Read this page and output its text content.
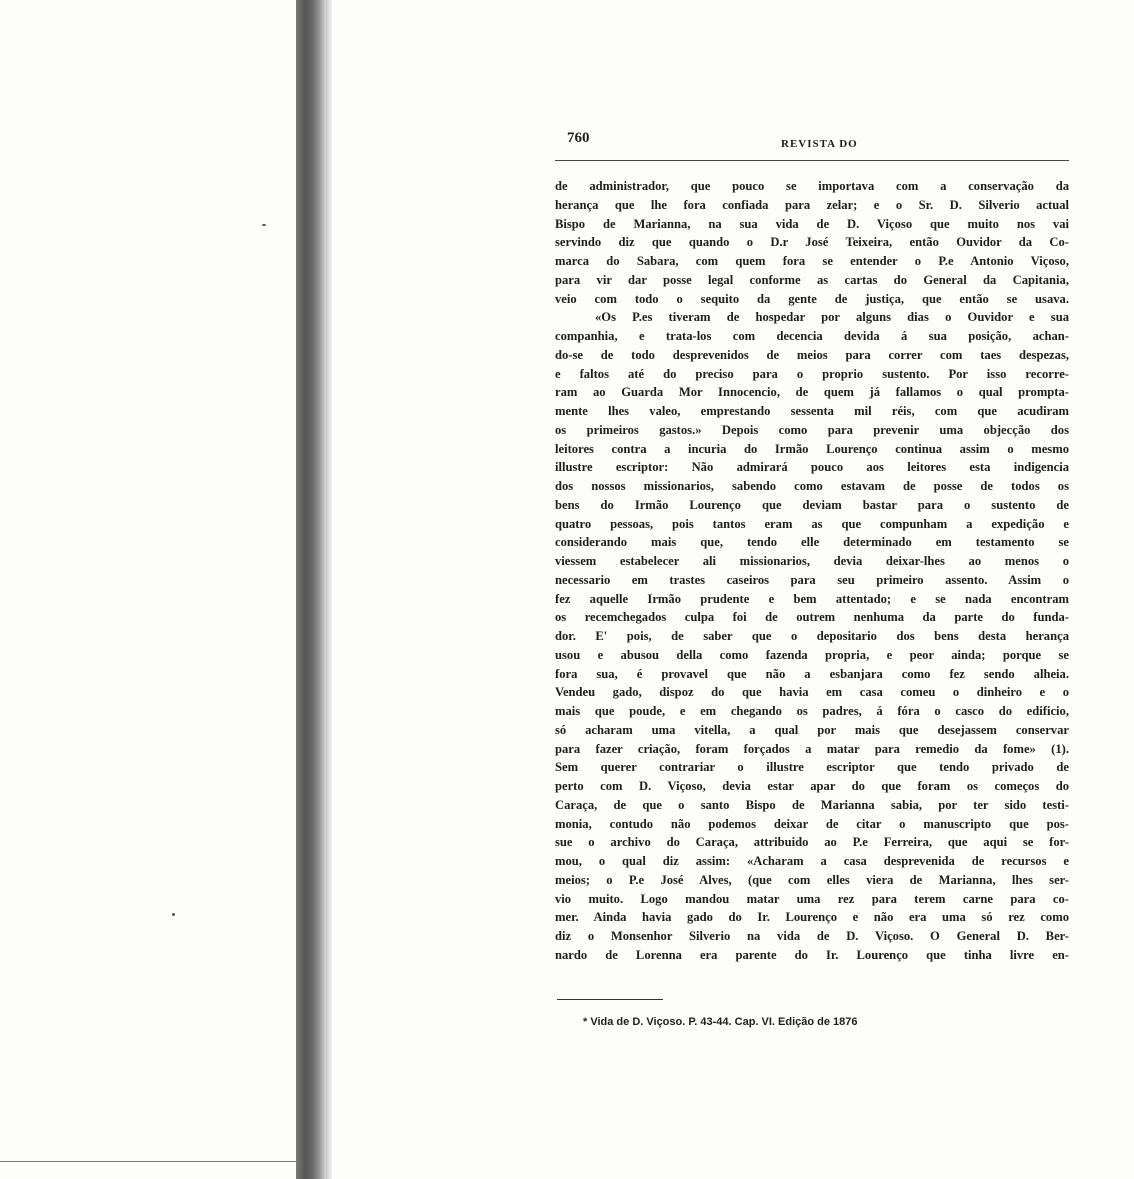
760	REVISTA DO
de administrador, que pouco se importava com a conservação da
herança que lhe fora confiada para zelar; e o Sr. D. Silverio actual
Bispo de Marianna, na sua vida de D. Viçoso que muito nos vai
servindo diz que quando o D.r José Teixeira, então Ouvidor da Co-
marca do Sabara, com quem fora se entender o P.e Antonio Viçoso,
para vir dar posse legal conforme as cartas do General da Capitania,
veio com todo o sequito da gente de justiça, que então se usava.
«Os P.es tiveram de hospedar por alguns dias o Ouvidor e sua
companhia, e trata-los com decencia devida á sua posição, achan-
do-se de todo desprevenidos de meios para correr com taes despezas,
e faltos até do preciso para o proprio sustento. Por isso recorre-
ram ao Guarda Mor Innocencio, de quem já fallamos o qual prompta-
mente lhes valeo, emprestando sessenta mil réis, com que acudiram
os primeiros gastos.» Depois como para prevenir uma objecção dos
leitores contra a incuria do Irmão Lourenço continua assim o mesmo
illustre escriptor: Não admirará pouco aos leitores esta indigencia
dos nossos missionarios, sabendo como estavam de posse de todos os
bens do Irmão Lourenço que deviam bastar para o sustento de
quatro pessoas, pois tantos eram as que compunham a expedição e
considerando mais que, tendo elle determinado em testamento se
viessem estabelecer ali missionarios, devia deixar-lhes ao menos o
necessario em trastes caseiros para seu primeiro assento. Assim o
fez aquelle Irmão prudente e bem attentado; e se nada encontram
os recemchegados culpa foi de outrem nenhuma da parte do funda-
dor. E' pois, de saber que o depositario dos bens desta herança
usou e abusou della como fazenda propria, e peor ainda; porque se
fora sua, é provavel que não a esbanjara como fez sendo alheia.
Vendeu gado, dispoz do que havia em casa comeu o dinheiro e o
mais que poude, e em chegando os padres, á fóra o casco do edificio,
só acharam uma vitella, a qual por mais que desejassem conservar
para fazer criação, foram forçados a matar para remedio da fome» (1).
Sem querer contrariar o illustre escriptor que tendo privado de
perto com D. Viçoso, devia estar apar do que foram os começos do
Caraça, de que o santo Bispo de Marianna sabia, por ter sido testi-
monia, contudo não podemos deixar de citar o manuscripto que pos-
sue o archivo do Caraça, attribuido ao P.e Ferreira, que aqui se for-
mou, o qual diz assim: «Acharam a casa desprevenida de recursos e
meios; o P.e José Alves, (que com elles viera de Marianna, lhes ser-
vio muito. Logo mandou matar uma rez para terem carne para co-
mer. Ainda havia gado do Ir. Lourenço e não era uma só rez como
diz o Monsenhor Silverio na vida de D. Viçoso. O General D. Ber-
nardo de Lorenna era parente do Ir. Lourenço que tinha livre en-
* Vida de D. Viçoso. P. 43-44. Cap. VI. Edição de 1876
